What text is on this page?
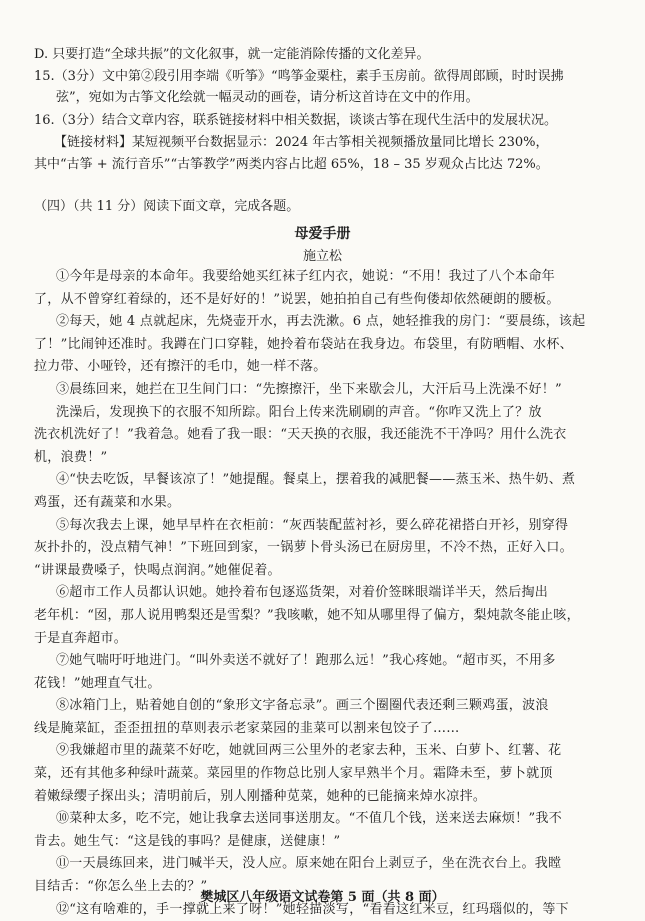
D. 只要打造“全球共振”的文化叙事，就一定能消除传播的文化差异。
15.（3分）文中第②段引用李端《听筝》“鸣筝金粟柱，素手玉房前。欲得周郎顾，时时误拂
弦”，宛如为古筝文化绘就一幅灵动的画卷，请分析这首诗在文中的作用。
16.（3分）结合文章内容，联系链接材料中相关数据，谈谈古筝在现代生活中的发展状况。
【链接材料】某短视频平台数据显示：2024 年古筝相关视频播放量同比增长 230%，
其中“古筝 + 流行音乐”“古筝教学”两类内容占比超 65%，18 – 35 岁观众占比达 72%。
（四）（共 11 分）阅读下面文章，完成各题。
母爱手册
施立松
①今年是母亲的本命年。我要给她买红袜子红内衣，她说：“不用！我过了八个本命年
了，从不曾穿红着绿的，还不是好好的！”说罢，她拍拍自己有些佝偻却依然硬朗的腰板。
②每天，她 4 点就起床，先烧壶开水，再去洗漱。6 点，她轻推我的房门：“要晨练，该起
了！”比闹钟还准时。我蹲在门口穿鞋，她拎着布袋站在我身边。布袋里，有防晒帽、水杯、
拉力带、小哑铃，还有擦汗的毛巾，她一样不落。
③晨练回来，她拦在卫生间门口：“先擦擦汗，坐下来歇会儿，大汗后马上洗澡不好！”
洗澡后，发现换下的衣服不知所踪。阳台上传来洗刷刷的声音。“你咋又洗上了？放
洗衣机洗好了！”我着急。她看了我一眼：“天天换的衣服，我还能洗不干净吗？用什么洗衣
机，浪费！”
④“快去吃饭，早餐该凉了！”她提醒。餐桌上，摆着我的减肥餐——蒸玉米、热牛奶、煮
鸡蛋，还有蔬菜和水果。
⑤每次我去上课，她早早杵在衣柜前：“灰西装配蓝衬衫，要么碎花裙搭白开衫，别穿得
灰扑扑的，没点精气神！”下班回到家，一锅萝卜骨头汤已在厨房里，不冷不热，正好入口。
“讲课最费嗓子，快喝点润润。”她催促着。
⑥超市工作人员都认识她。她拎着布包逐巡货架，对着价签眯眼端详半天，然后掏出
老年机：“囡，那人说用鸭梨还是雪梨？”我咳嗽，她不知从哪里得了偏方，梨炖款冬能止咳，
于是直奔超市。
⑦她气喘吁吁地进门。“叫外卖送不就好了！跑那么远！”我心疼她。“超市买，不用多
花钱！”她理直气壮。
⑧冰箱门上，贴着她自创的“象形文字备忘录”。画三个圈圈代表还剩三颗鸡蛋，波浪
线是腌菜缸，歪歪扭扭的草则表示老家菜园的韭菜可以割来包饺子了……
⑨我嫌超市里的蔬菜不好吃，她就回两三公里外的老家去种，玉米、白萝卜、红薯、花
菜，还有其他多种绿叶蔬菜。菜园里的作物总比别人家早熟半个月。霜降未至，萝卜就顶
着嫩绿缨子探出头；清明前后，别人刚播种苋菜，她种的已能摘来焯水凉拌。
⑩菜种太多，吃不完，她让我拿去送同事送朋友。“不值几个钱，送来送去麻烦！”我不
肯去。她生气：“这是钱的事吗？是健康，送健康！”
⑪一天晨练回来，进门喊半天，没人应。原来她在阳台上剥豆子，坐在洗衣台上。我瞠
目结舌：“你怎么坐上去的？”
⑫“这有啥难的，手一撑就上来了呀！”她轻描淡写，“看看这红米豆，红玛瑙似的，等下
樊城区八年级语文试卷第 5 面（共 8 面）
